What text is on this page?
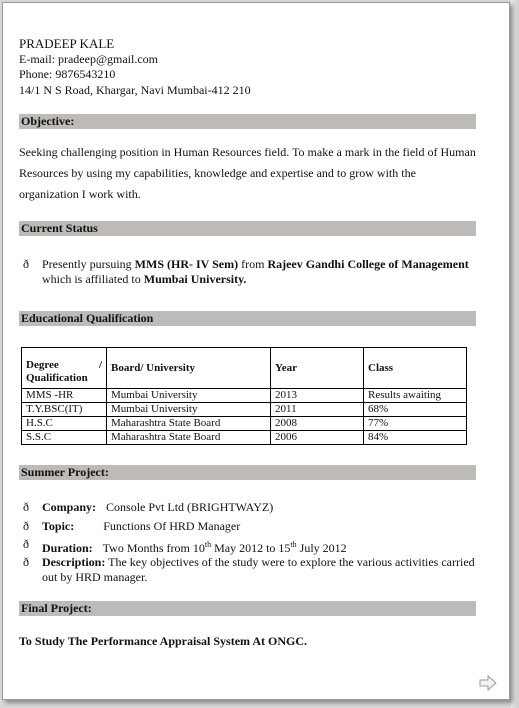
PRADEEP KALE
E-mail: pradeep@gmail.com
Phone: 9876543210
14/1 N S Road, Khargar, Navi Mumbai-412 210
Objective:
Seeking challenging position in Human Resources field. To make a mark in the field of Human Resources by using my capabilities, knowledge and expertise and to grow with the organization I work with.
Current Status
ð Presently pursuing MMS (HR- IV Sem) from Rajeev Gandhi College of Management which is affiliated to Mumbai University.
Educational Qualification
Degree /
Qualification	Board/ University	Year	Class
MMS -HR	Mumbai University	2013	Results awaiting
T.Y.BSC(IT)	Mumbai University	2011	68%
H.S.C	Maharashtra State Board	2008	77%
S.S.C	Maharashtra State Board	2006	84%
Summer Project:
ð Company: Console Pvt Ltd (BRIGHTWAYZ)
ð Topic: Functions Of HRD Manager
ð Duration: Two Months from 10th May 2012 to 15th July 2012
ð Description: The key objectives of the study were to explore the various activities carried out by HRD manager.
Final Project:
To Study The Performance Appraisal System At ONGC.
